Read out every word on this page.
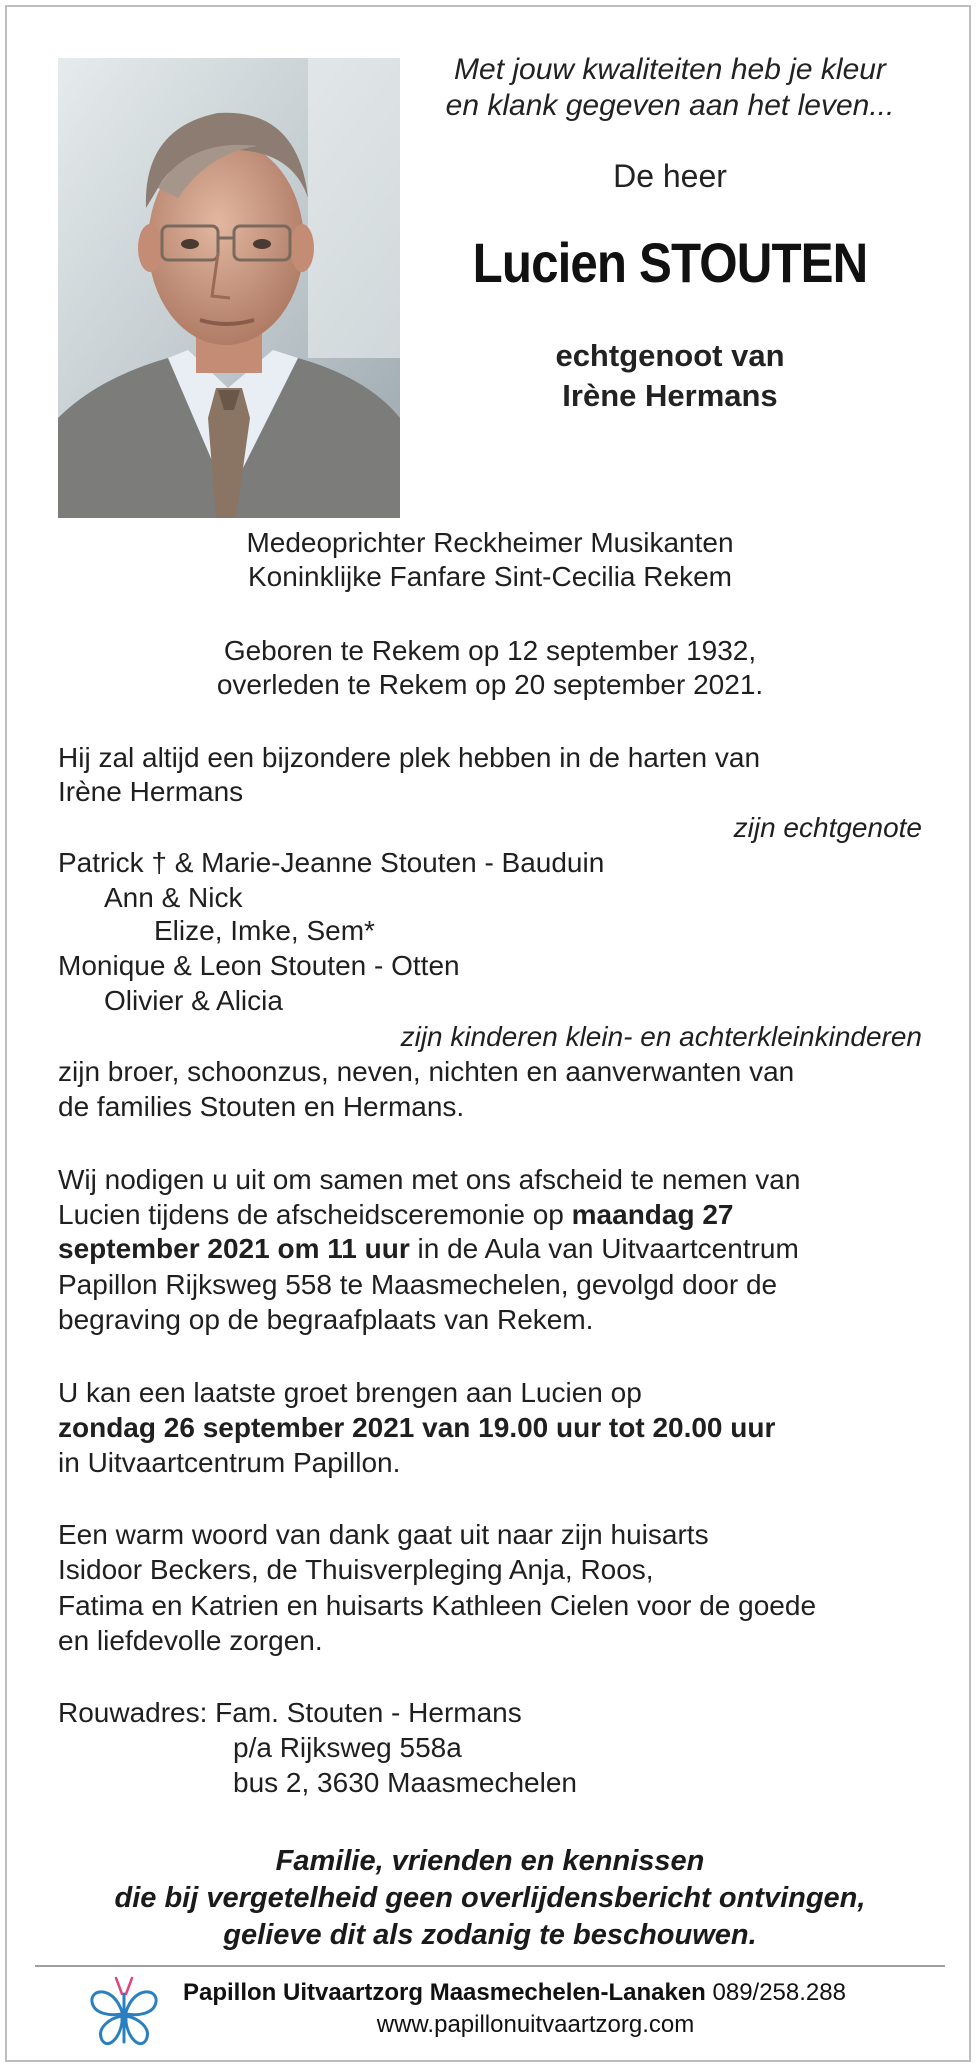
Met jouw kwaliteiten heb je kleur
en klank gegeven aan het leven...
De heer
Lucien STOUTEN
echtgenoot van
Irène Hermans
Medeoprichter Reckheimer Musikanten
Koninklijke Fanfare Sint-Cecilia Rekem
Geboren te Rekem op 12 september 1932,
overleden te Rekem op 20 september 2021.
Hij zal altijd een bijzondere plek hebben in de harten van
Irène Hermans
zijn echtgenote
Patrick † & Marie-Jeanne Stouten - Bauduin
Ann & Nick
Elize, Imke, Sem*
Monique & Leon Stouten - Otten
Olivier & Alicia
zijn kinderen klein- en achterkleinkinderen
zijn broer, schoonzus, neven, nichten en aanverwanten van
de families Stouten en Hermans.
Wij nodigen u uit om samen met ons afscheid te nemen van
Lucien tijdens de afscheidsceremonie op maandag 27
september 2021 om 11 uur in de Aula van Uitvaartcentrum
Papillon Rijksweg 558 te Maasmechelen, gevolgd door de
begraving op de begraafplaats van Rekem.
U kan een laatste groet brengen aan Lucien op
zondag 26 september 2021 van 19.00 uur tot 20.00 uur
in Uitvaartcentrum Papillon.
Een warm woord van dank gaat uit naar zijn huisarts
Isidoor Beckers, de Thuisverpleging Anja, Roos,
Fatima en Katrien en huisarts Kathleen Cielen voor de goede
en liefdevolle zorgen.
Rouwadres: Fam. Stouten - Hermans
p/a Rijksweg 558a
bus 2, 3630 Maasmechelen
Familie, vrienden en kennissen
die bij vergetelheid geen overlijdensbericht ontvingen,
gelieve dit als zodanig te beschouwen.
Papillon Uitvaartzorg Maasmechelen-Lanaken 089/258.288
www.papillonuitvaartzorg.com
